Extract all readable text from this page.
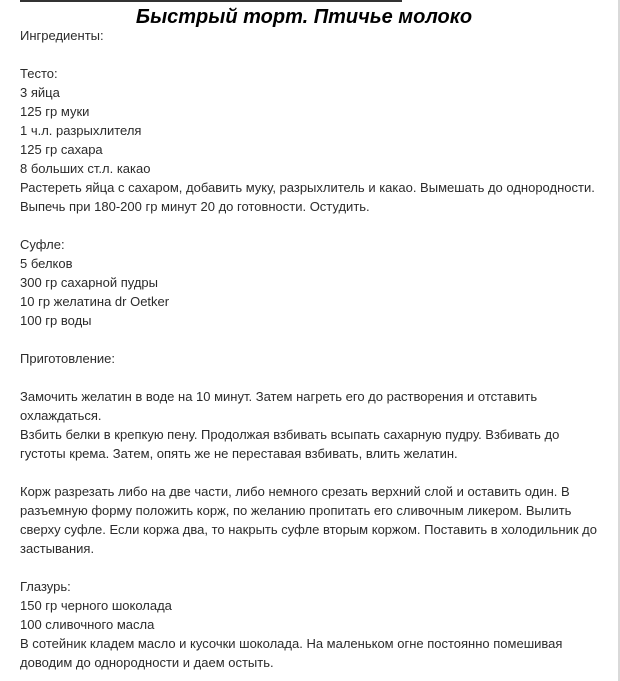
Быстрый торт. Птичье молоко
Ингредиенты:
Тесто:
3 яйца
125 гр муки
1 ч.л. разрыхлителя
125 гр сахара
8 больших ст.л. какао
Растереть яйца с сахаром, добавить муку, разрыхлитель и какао. Вымешать до однородности.
Выпечь при 180-200 гр минут 20 до готовности. Остудить.
Суфле:
5 белков
300 гр сахарной пудры
10 гр желатина dr Oetker
100 гр воды
Приготовление:
Замочить желатин в воде на 10 минут. Затем нагреть его до растворения и отставить
охлаждаться.
Взбить белки в крепкую пену. Продолжая взбивать всыпать сахарную пудру. Взбивать до
густоты крема. Затем, опять же не переставая взбивать, влить желатин.
Корж разрезать либо на две части, либо немного срезать верхний слой и оставить один. В
разъемную форму положить корж, по желанию пропитать его сливочным ликером. Вылить
сверху суфле. Если коржа два, то накрыть суфле вторым коржом. Поставить в холодильник до
застывания.
Глазурь:
150 гр черного шоколада
100 сливочного масла
В сотейник кладем масло и кусочки шоколада. На маленьком огне постоянно помешивая
доводим до однородности и даем остыть.
